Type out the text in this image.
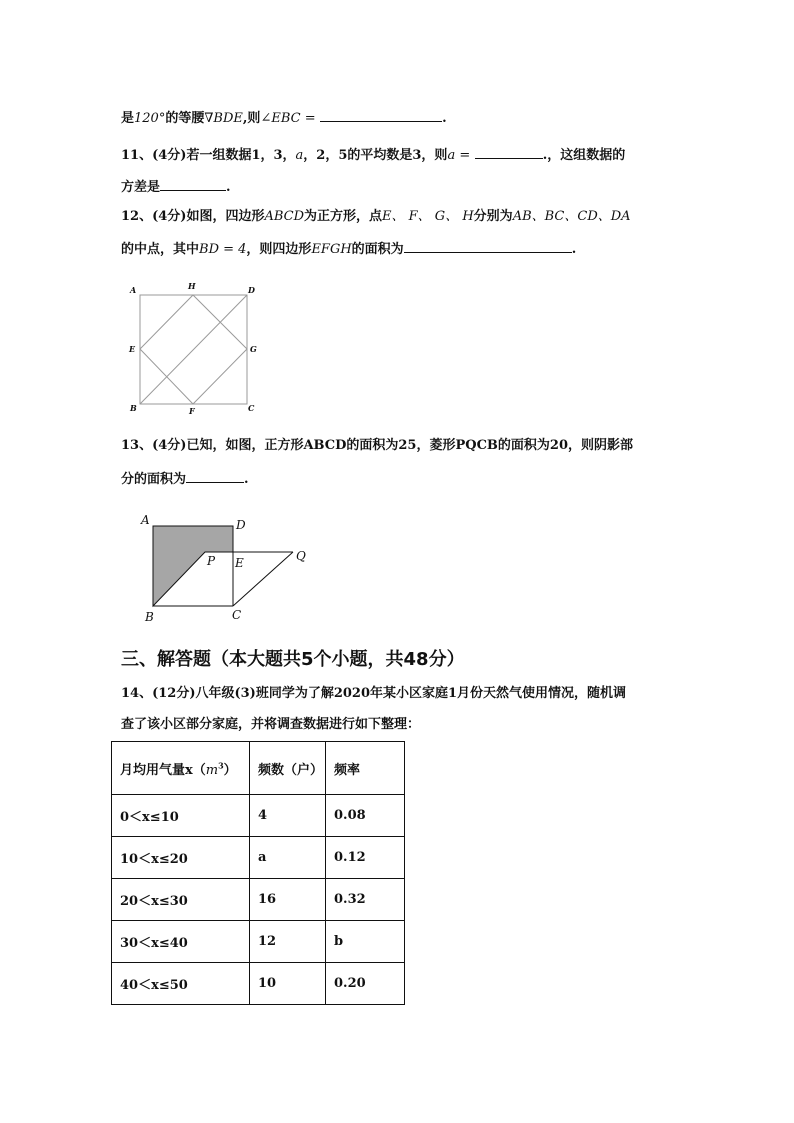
是120°的等腰∇BDE,则∠EBC =	.
11、(4分)若一组数据1，3，a，2，5的平均数是3，则a =	.，这组数据的
方差是	.
12、(4分)如图，四边形ABCD为正方形，点E、 F、 G、 H分别为AB、BC、CD、DA
的中点，其中BD = 4，则四边形EFGH的面积为	.
A	H	D
E	G
B	F	C
13、(4分)已知，如图，正方形ABCD的面积为25，菱形PQCB的面积为20，则阴影部
分的面积为	.
A	D
P E	Q
B	C
三、解答题（本大题共5个小题，共48分）
14、(12分)八年级(3)班同学为了解2020年某小区家庭1月份天然气使用情况，随机调
查了该小区部分家庭，并将调查数据进行如下整理：
月均用气量$x(m^3)$	频数（户）	频率
0＜x≤10	4	0.08
10＜x≤20	a	0.12
20＜x≤30	16	0.32
30＜x≤40	12	b
40＜x≤50	10	0.20
